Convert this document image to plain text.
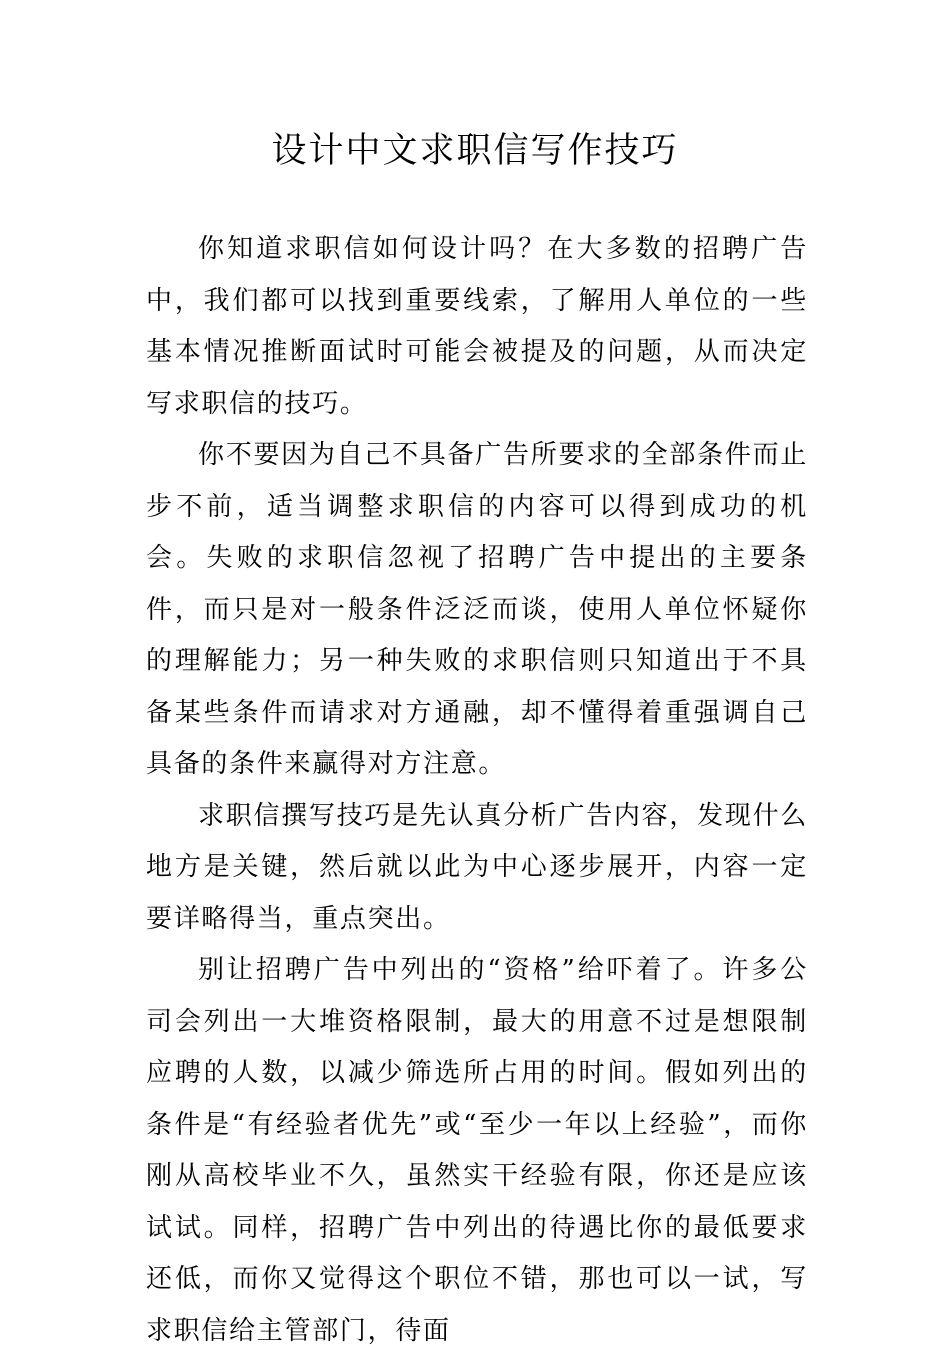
设计中文求职信写作技巧

你知道求职信如何设计吗？在大多数的招聘广告中，我们都可以找到重要线索，了解用人单位的一些基本情况推断面试时可能会被提及的问题，从而决定写求职信的技巧。

你不要因为自己不具备广告所要求的全部条件而止步不前，适当调整求职信的内容可以得到成功的机会。失败的求职信忽视了招聘广告中提出的主要条件，而只是对一般条件泛泛而谈，使用人单位怀疑你的理解能力；另一种失败的求职信则只知道出于不具备某些条件而请求对方通融，却不懂得着重强调自己具备的条件来赢得对方注意。

求职信撰写技巧是先认真分析广告内容，发现什么地方是关键，然后就以此为中心逐步展开，内容一定要详略得当，重点突出。

别让招聘广告中列出的“资格”给吓着了。许多公司会列出一大堆资格限制，最大的用意不过是想限制应聘的人数，以减少筛选所占用的时间。假如列出的条件是“有经验者优先”或“至少一年以上经验”，而你刚从高校毕业不久，虽然实干经验有限，你还是应该试试。同样，招聘广告中列出的待遇比你的最低要求还低，而你又觉得这个职位不错，那也可以一试，写求职信给主管部门，待面
